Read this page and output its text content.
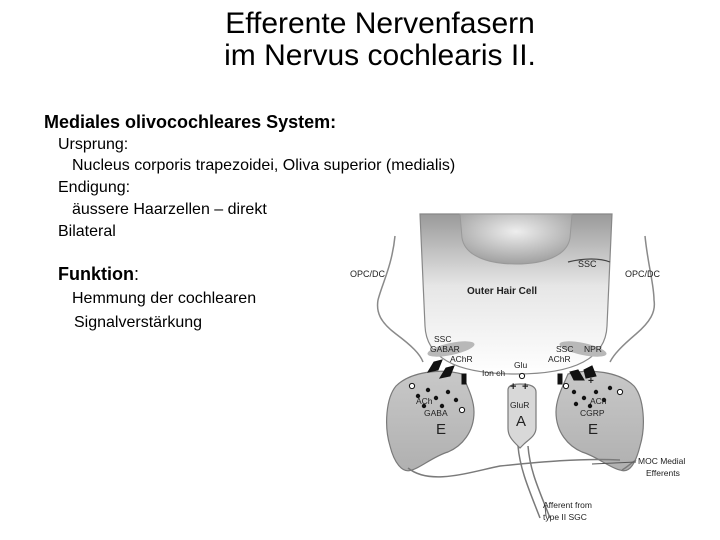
Efferente Nervenfasern
im Nervus cochlearis II.
Mediales olivocochleares System:
Ursprung:
Nucleus corporis trapezoidei, Oliva superior (medialis)
Endigung:
äussere Haarzellen – direkt
Bilateral
Funktion:
Hemmung der cochlearen
Signalverstärkung
OPC/DC	OPC/DC
SSC
Outer Hair Cell
SSC
GABAR
AChR
Glu
SSC NPR
AChR
Ion ch
+ +	+
ACh
GABA
E
GluR
A
ACh
CGRP
E
MOC Medial
Efferents
Afferent from
type II SGC
